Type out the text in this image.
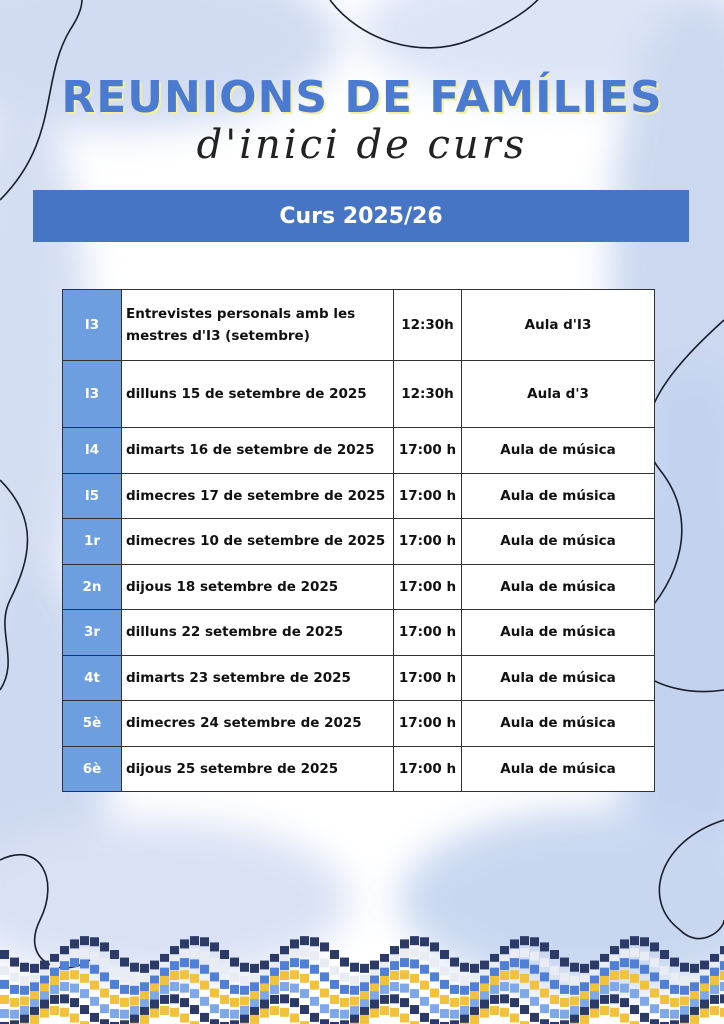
REUNIONS DE FAMÍLIES
d'inici de curs
Curs 2025/26
I3	Entrevistes personals amb les mestres d'I3 (setembre)	12:30h	Aula d'I3
I3	dilluns 15 de setembre de 2025	12:30h	Aula d'3
I4	dimarts 16 de setembre de 2025	17:00 h	Aula de música
I5	dimecres 17 de setembre de 2025	17:00 h	Aula de música
1r	dimecres 10 de setembre de 2025	17:00 h	Aula de música
2n	dijous 18 setembre de 2025	17:00 h	Aula de música
3r	dilluns 22 setembre de 2025	17:00 h	Aula de música
4t	dimarts 23 setembre de 2025	17:00 h	Aula de música
5è	dimecres 24 setembre de 2025	17:00 h	Aula de música
6è	dijous 25 setembre de 2025	17:00 h	Aula de música
